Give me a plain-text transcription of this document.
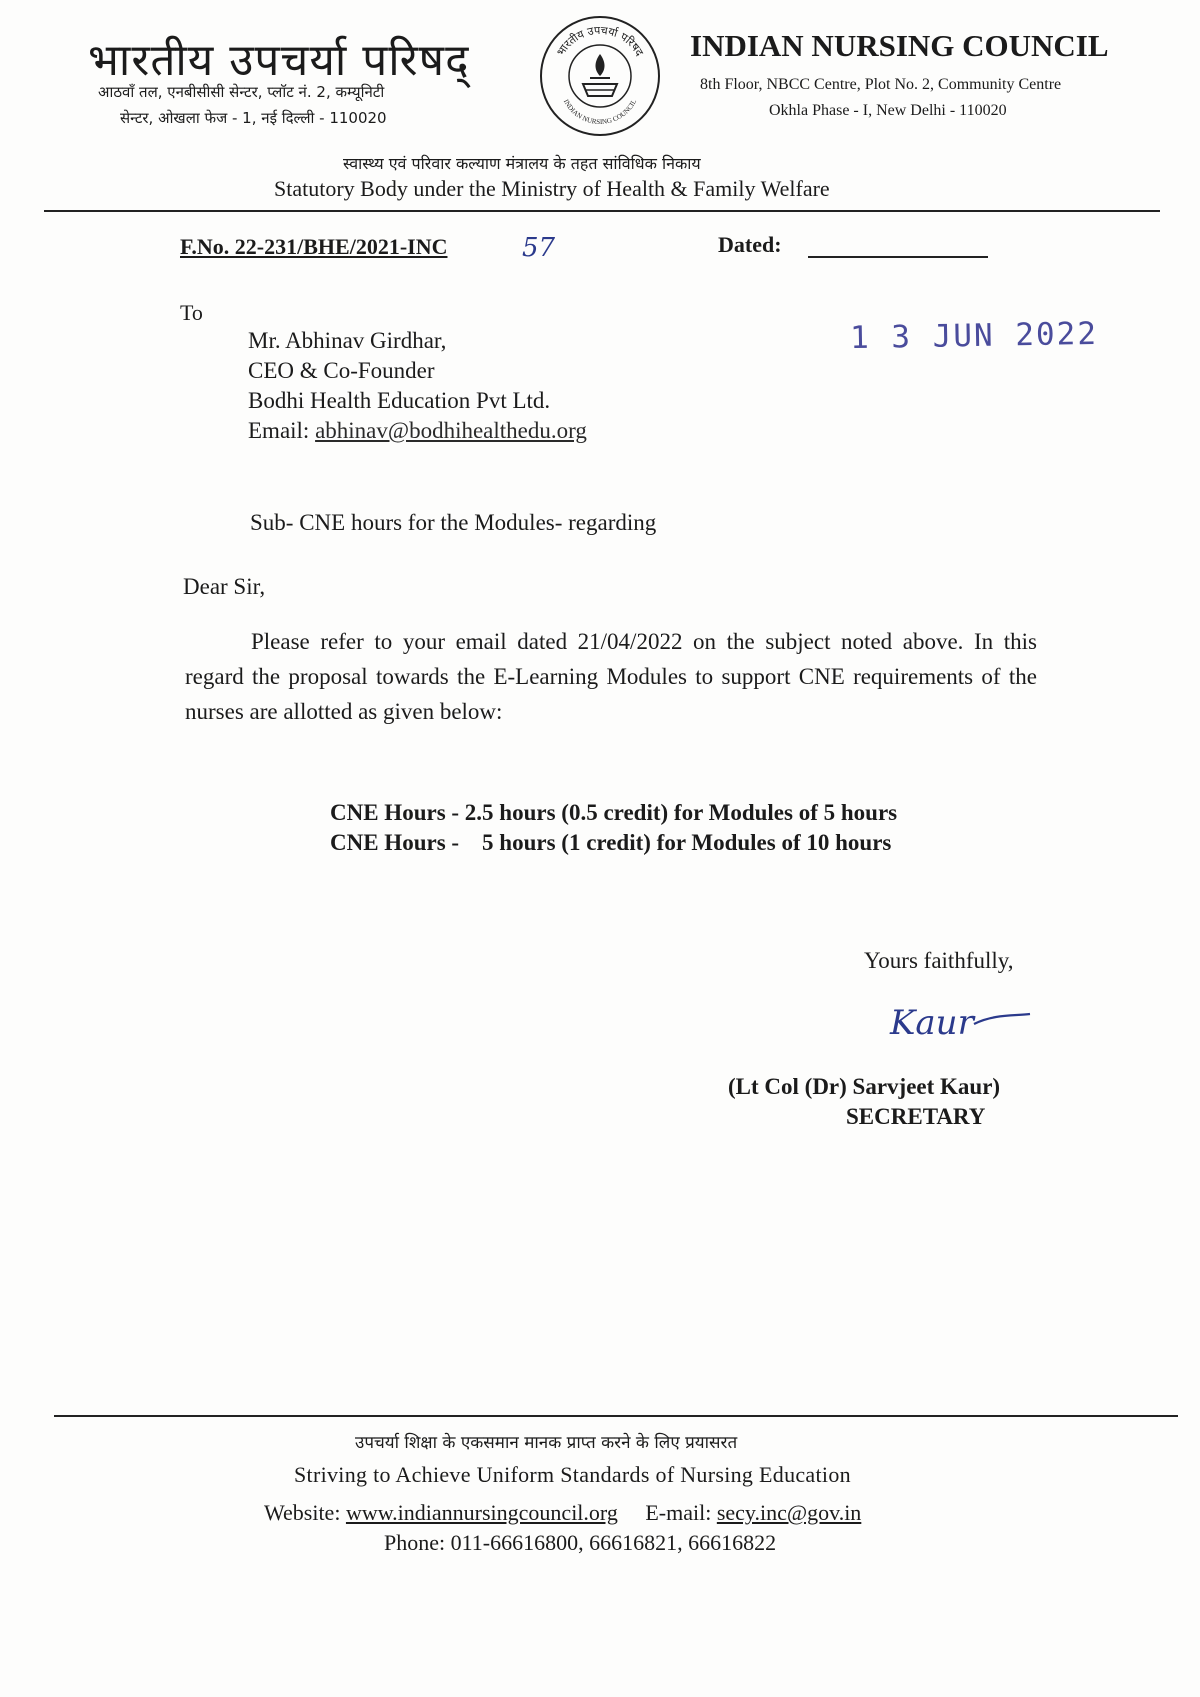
भारतीय उपचर्या परिषद्
आठवाँ तल, एनबीसीसी सेन्टर, प्लॉट नं. 2, कम्यूनिटी
सेन्टर, ओखला फेज - 1, नई दिल्ली - 110020
भारतीय उपचर्या परिषद
INDIAN NURSING COUNCIL
INDIAN NURSING COUNCIL
8th Floor, NBCC Centre, Plot No. 2, Community Centre
Okhla Phase - I, New Delhi - 110020
स्वास्थ्य एवं परिवार कल्याण मंत्रालय के तहत सांविधिक निकाय
Statutory Body under the Ministry of Health & Family Welfare
F.No. 22-231/BHE/2021-INC	57	Dated:
To
1 3 JUN 2022
Mr. Abhinav Girdhar,
CEO & Co-Founder
Bodhi Health Education Pvt Ltd.
Email: abhinav@bodhihealthedu.org
Sub- CNE hours for the Modules- regarding
Dear Sir,
Please refer to your email dated 21/04/2022 on the subject noted above. In this regard the proposal towards the E-Learning Modules to support CNE requirements of the nurses are allotted as given below:
CNE Hours - 2.5 hours (0.5 credit) for Modules of 5 hours
CNE Hours -    5 hours (1 credit) for Modules of 10 hours
Yours faithfully,
Kaur
(Lt Col (Dr) Sarvjeet Kaur)
SECRETARY
उपचर्या शिक्षा के एकसमान मानक प्राप्त करने के लिए प्रयासरत
Striving to Achieve Uniform Standards of Nursing Education
Website: www.indiannursingcouncil.org E-mail: secy.inc@gov.in
Phone: 011-66616800, 66616821, 66616822
